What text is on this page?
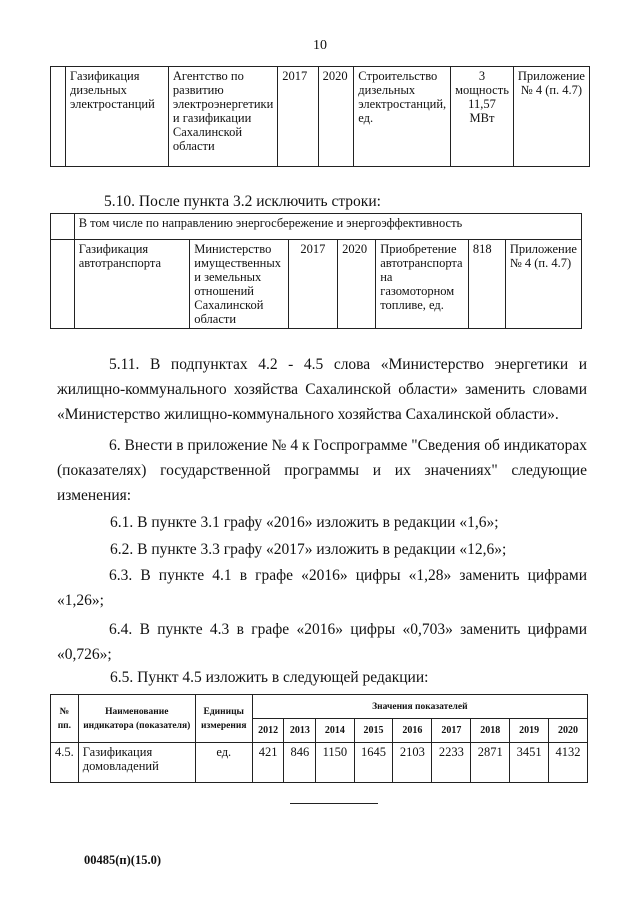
10
	Газификация дизельных электростанций	Агентство по развитию электроэнергетики и газификации Сахалинской области	2017	2020	Строительство дизельных электростанций, ед.	3 мощность 11,57 МВт	Приложение № 4 (п. 4.7)

5.10. После пункта 3.2 исключить строки:

	В том числе по направлению энергосбережение и энергоэффективность						
	Газификация автотранспорта	Министерство имущественных и земельных отношений Сахалинской области	2017	2020	Приобретение автотранспорта на газомоторном топливе, ед.	818	Приложение № 4 (п. 4.7)

5.11. В подпунктах 4.2 - 4.5 слова «Министерство энергетики и жилищно-коммунального хозяйства Сахалинской области» заменить словами «Министерство жилищно-коммунального хозяйства Сахалинской области».

6. Внести в приложение № 4 к Госпрограмме "Сведения об индикаторах (показателях) государственной программы и их значениях" следующие изменения:

6.1. В пункте 3.1 графу «2016» изложить в редакции «1,6»;

6.2. В пункте 3.3 графу «2017» изложить в редакции «12,6»;

6.3. В пункте 4.1 в графе «2016» цифры «1,28» заменить цифрами «1,26»;

6.4. В пункте 4.3 в графе «2016» цифры «0,703» заменить цифрами «0,726»;

6.5. Пункт 4.5 изложить в следующей редакции:

№ пп.	Наименование индикатора (показателя)	Единицы измерения	Значения показателей								
			2012	2013	2014	2015	2016	2017	2018	2019	2020
4.5.	Газификация домовладений	ед.	421	846	1150	1645	2103	2233	2871	3451	4132
00485(п)(15.0)
